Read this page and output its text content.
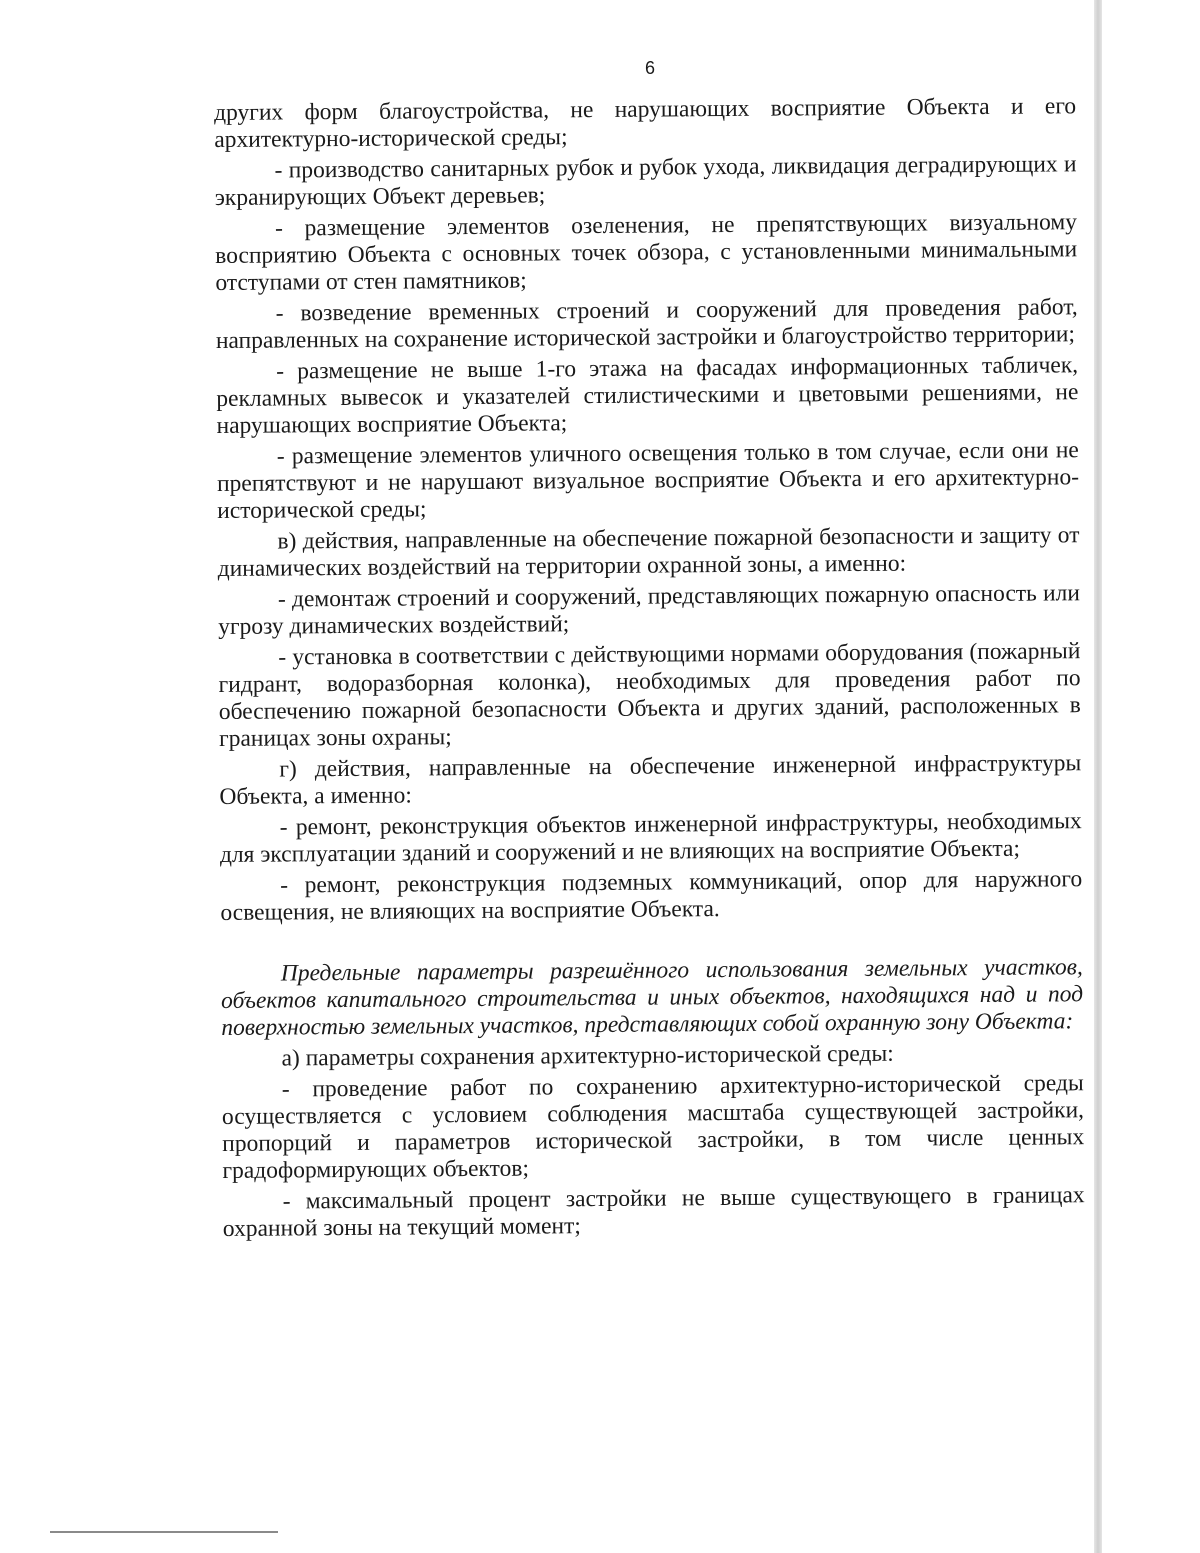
6

других форм благоустройства, не нарушающих восприятие Объекта и его архитектурно-исторической среды;

- производство санитарных рубок и рубок ухода, ликвидация деградирующих и экранирующих Объект деревьев;

- размещение элементов озеленения, не препятствующих визуальному восприятию Объекта с основных точек обзора, с установленными минимальными отступами от стен памятников;

- возведение временных строений и сооружений для проведения работ, направленных на сохранение исторической застройки и благоустройство территории;

- размещение не выше 1-го этажа на фасадах информационных табличек, рекламных вывесок и указателей стилистическими и цветовыми решениями, не нарушающих восприятие Объекта;

- размещение элементов уличного освещения только в том случае, если они не препятствуют и не нарушают визуальное восприятие Объекта и его архитектурно-исторической среды;

в) действия, направленные на обеспечение пожарной безопасности и защиту от динамических воздействий на территории охранной зоны, а именно:

- демонтаж строений и сооружений, представляющих пожарную опасность или угрозу динамических воздействий;

- установка в соответствии с действующими нормами оборудования (пожарный гидрант, водоразборная колонка), необходимых для проведения работ по обеспечению пожарной безопасности Объекта и других зданий, расположенных в границах зоны охраны;

г) действия, направленные на обеспечение инженерной инфраструктуры Объекта, а именно:

- ремонт, реконструкция объектов инженерной инфраструктуры, необходимых для эксплуатации зданий и сооружений и не влияющих на восприятие Объекта;

- ремонт, реконструкция подземных коммуникаций, опор для наружного освещения, не влияющих на восприятие Объекта.

Предельные параметры разрешённого использования земельных участков, объектов капитального строительства и иных объектов, находящихся над и под поверхностью земельных участков, представляющих собой охранную зону Объекта:

а) параметры сохранения архитектурно-исторической среды:

- проведение работ по сохранению архитектурно-исторической среды осуществляется с условием соблюдения масштаба существующей застройки, пропорций и параметров исторической застройки, в том числе ценных градоформирующих объектов;

- максимальный процент застройки не выше существующего в границах охранной зоны на текущий момент;
